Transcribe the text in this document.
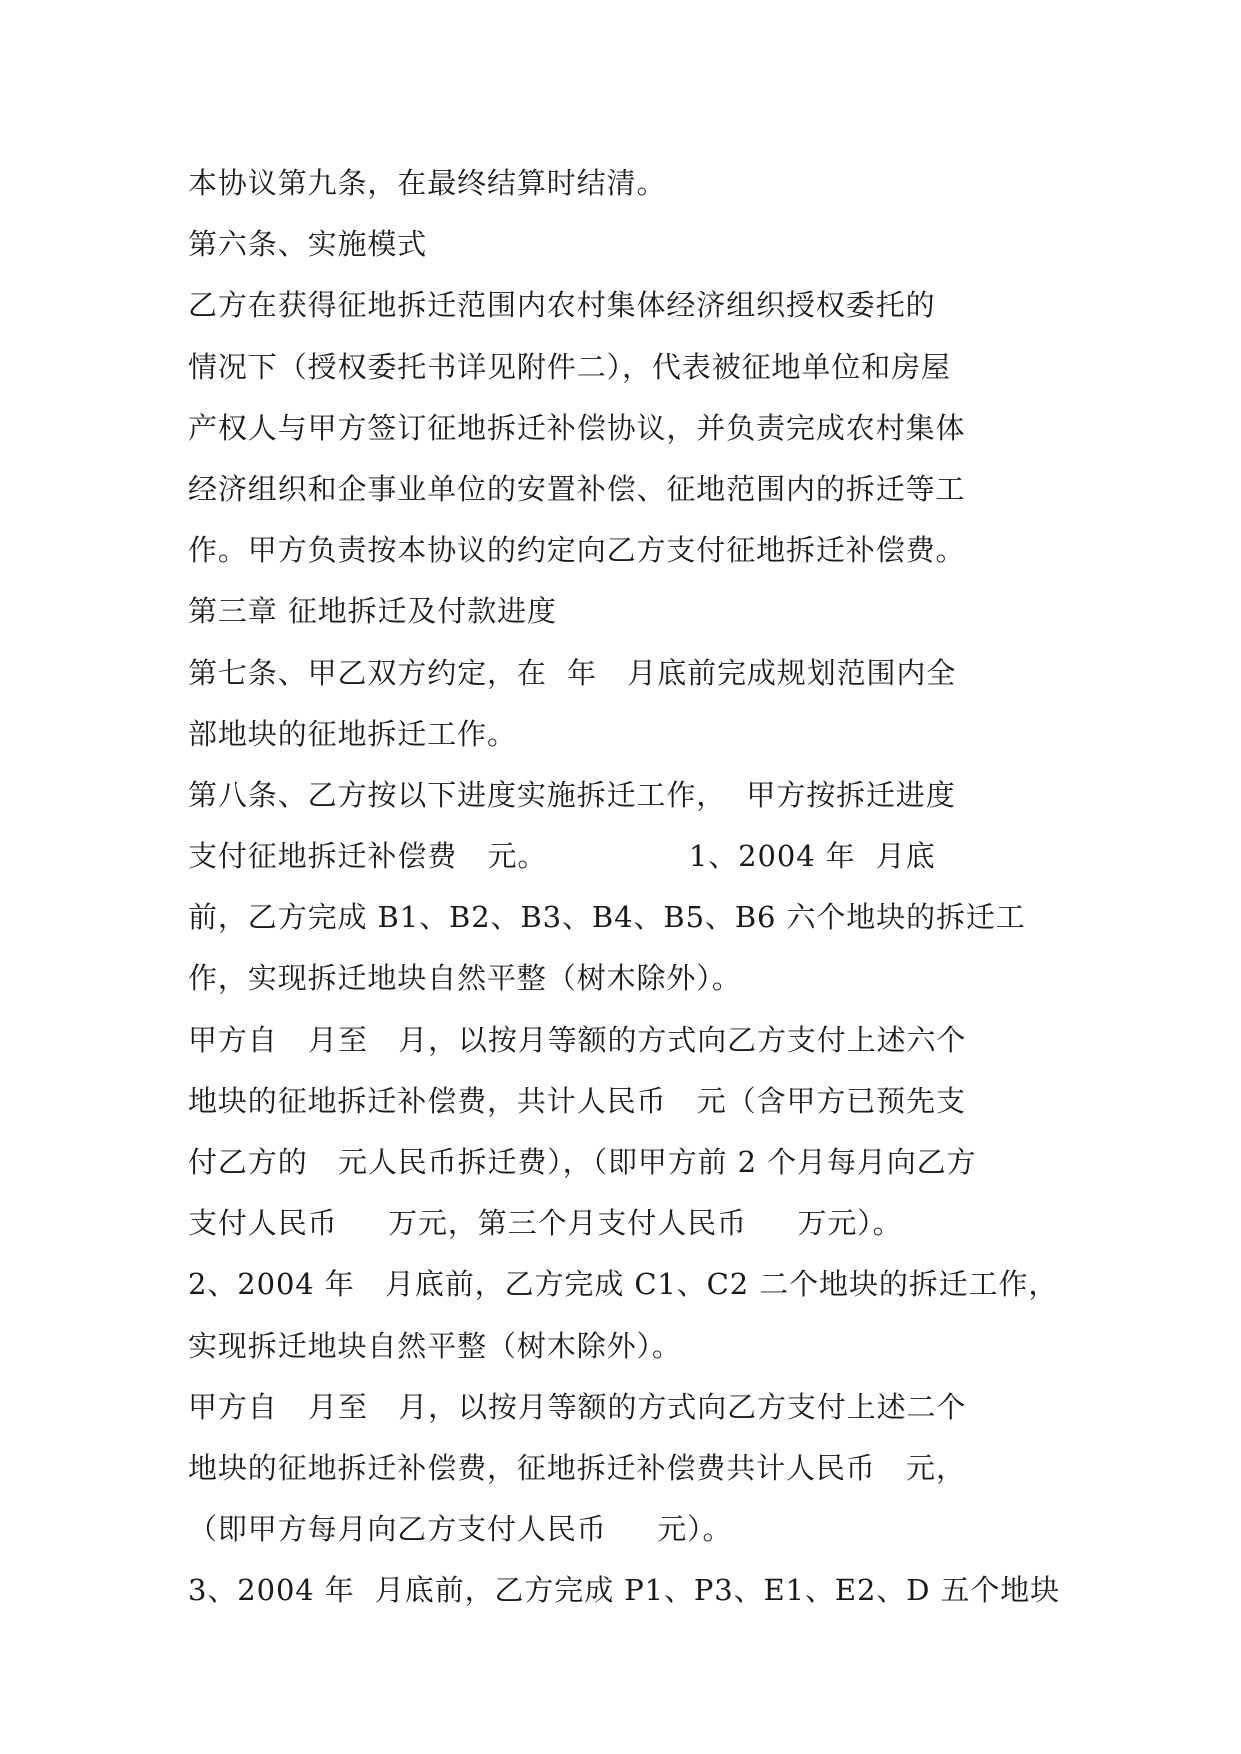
本协议第九条，在最终结算时结清。
第六条、实施模式
乙方在获得征地拆迁范围内农村集体经济组织授权委托的
情况下（授权委托书详见附件二），代表被征地单位和房屋
产权人与甲方签订征地拆迁补偿协议，并负责完成农村集体
经济组织和企事业单位的安置补偿、征地范围内的拆迁等工
作。甲方负责按本协议的约定向乙方支付征地拆迁补偿费。
第三章 征地拆迁及付款进度
第七条、甲乙双方约定，在  年   月底前完成规划范围内全
部地块的征地拆迁工作。
第八条、乙方按以下进度实施拆迁工作，  甲方按拆迁进度
支付征地拆迁补偿费   元。              1、2004 年  月底
前，乙方完成 B1、B2、B3、B4、B5、B6 六个地块的拆迁工
作，实现拆迁地块自然平整（树木除外）。
甲方自   月至   月，以按月等额的方式向乙方支付上述六个
地块的征地拆迁补偿费，共计人民币   元（含甲方已预先支
付乙方的   元人民币拆迁费），（即甲方前 2 个月每月向乙方
支付人民币     万元，第三个月支付人民币     万元）。
2、2004 年   月底前，乙方完成 C1、C2 二个地块的拆迁工作，
实现拆迁地块自然平整（树木除外）。
甲方自   月至   月，以按月等额的方式向乙方支付上述二个
地块的征地拆迁补偿费，征地拆迁补偿费共计人民币   元，
（即甲方每月向乙方支付人民币     元）。
3、2004 年  月底前，乙方完成 P1、P3、E1、E2、D 五个地块
